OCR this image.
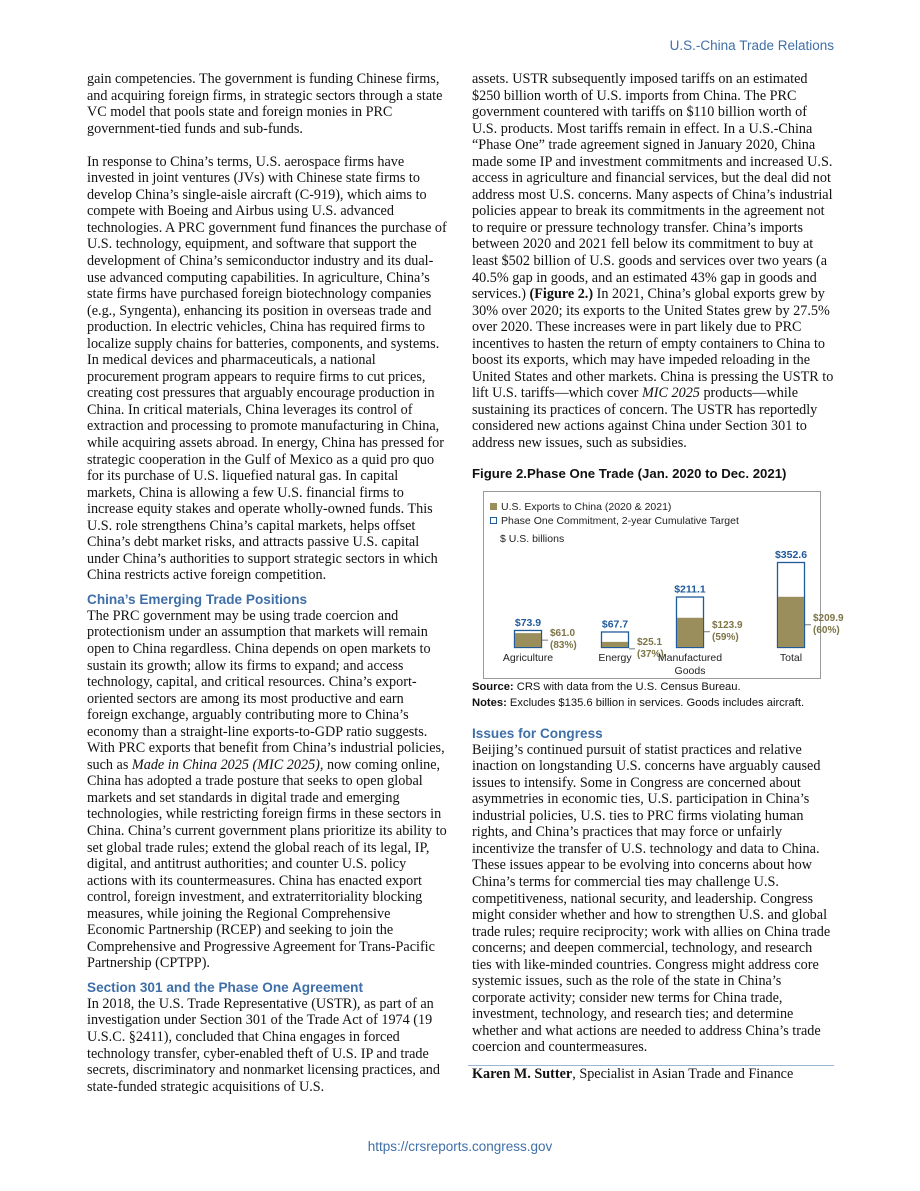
U.S.-China Trade Relations

gain competencies. The government is funding Chinese firms, and acquiring foreign firms, in strategic sectors through a state VC model that pools state and foreign monies in PRC government-tied funds and sub-funds.

In response to China’s terms, U.S. aerospace firms have invested in joint ventures (JVs) with Chinese state firms to develop China’s single-aisle aircraft (C-919), which aims to compete with Boeing and Airbus using U.S. advanced technologies. A PRC government fund finances the purchase of U.S. technology, equipment, and software that support the development of China’s semiconductor industry and its dual-use advanced computing capabilities. In agriculture, China’s state firms have purchased foreign biotechnology companies (e.g., Syngenta), enhancing its position in overseas trade and production. In electric vehicles, China has required firms to localize supply chains for batteries, components, and systems. In medical devices and pharmaceuticals, a national procurement program appears to require firms to cut prices, creating cost pressures that arguably encourage production in China. In critical materials, China leverages its control of extraction and processing to promote manufacturing in China, while acquiring assets abroad. In energy, China has pressed for strategic cooperation in the Gulf of Mexico as a quid pro quo for its purchase of U.S. liquefied natural gas. In capital markets, China is allowing a few U.S. financial firms to increase equity stakes and operate wholly-owned funds. This U.S. role strengthens China’s capital markets, helps offset China’s debt market risks, and attracts passive U.S. capital under China’s authorities to support strategic sectors in which China restricts active foreign competition.

China’s Emerging Trade Positions

The PRC government may be using trade coercion and protectionism under an assumption that markets will remain open to China regardless. China depends on open markets to sustain its growth; allow its firms to expand; and access technology, capital, and critical resources. China’s export-oriented sectors are among its most productive and earn foreign exchange, arguably contributing more to China’s economy than a straight-line exports-to-GDP ratio suggests. With PRC exports that benefit from China’s industrial policies, such as Made in China 2025 (MIC 2025), now coming online, China has adopted a trade posture that seeks to open global markets and set standards in digital trade and emerging technologies, while restricting foreign firms in these sectors in China. China’s current government plans prioritize its ability to set global trade rules; extend the global reach of its legal, IP, digital, and antitrust authorities; and counter U.S. policy actions with its countermeasures. China has enacted export control, foreign investment, and extraterritoriality blocking measures, while joining the Regional Comprehensive Economic Partnership (RCEP) and seeking to join the Comprehensive and Progressive Agreement for Trans-Pacific Partnership (CPTPP).

Section 301 and the Phase One Agreement

In 2018, the U.S. Trade Representative (USTR), as part of an investigation under Section 301 of the Trade Act of 1974 (19 U.S.C. §2411), concluded that China engages in forced technology transfer, cyber-enabled theft of U.S. IP and trade secrets, discriminatory and nonmarket licensing practices, and state-funded strategic acquisitions of U.S.

assets. USTR subsequently imposed tariffs on an estimated $250 billion worth of U.S. imports from China. The PRC government countered with tariffs on $110 billion worth of U.S. products. Most tariffs remain in effect. In a U.S.-China “Phase One” trade agreement signed in January 2020, China made some IP and investment commitments and increased U.S. access in agriculture and financial services, but the deal did not address most U.S. concerns. Many aspects of China’s industrial policies appear to break its commitments in the agreement not to require or pressure technology transfer. China’s imports between 2020 and 2021 fell below its commitment to buy at least $502 billion of U.S. goods and services over two years (a 40.5% gap in goods, and an estimated 43% gap in goods and services.) (Figure 2.) In 2021, China’s global exports grew by 30% over 2020; its exports to the United States grew by 27.5% over 2020. These increases were in part likely due to PRC incentives to hasten the return of empty containers to China to boost its exports, which may have impeded reloading in the United States and other markets. China is pressing the USTR to lift U.S. tariffs—which cover MIC 2025 products—while sustaining its practices of concern. The USTR has reportedly considered new actions against China under Section 301 to address new issues, such as subsidies.

Figure 2.Phase One Trade (Jan. 2020 to Dec. 2021)
U.S. Exports to China (2020 & 2021)
Phase One Commitment, 2-year Cumulative Target
$ U.S. billions
$73.9
$61.0
(83%)
Agriculture
$67.7
$25.1
(37%)
Energy
$211.1
$123.9
(59%)
Manufactured
Goods
$352.6
$209.9
(60%)
Total

Source: CRS with data from the U.S. Census Bureau.

Notes: Excludes $135.6 billion in services. Goods includes aircraft.

Issues for Congress

Beijing’s continued pursuit of statist practices and relative inaction on longstanding U.S. concerns have arguably caused issues to intensify. Some in Congress are concerned about asymmetries in economic ties, U.S. participation in China’s industrial policies, U.S. ties to PRC firms violating human rights, and China’s practices that may force or unfairly incentivize the transfer of U.S. technology and data to China. These issues appear to be evolving into concerns about how China’s terms for commercial ties may challenge U.S. competitiveness, national security, and leadership. Congress might consider whether and how to strengthen U.S. and global trade rules; require reciprocity; work with allies on China trade concerns; and deepen commercial, technology, and research ties with like-minded countries. Congress might address core systemic issues, such as the role of the state in China’s corporate activity; consider new terms for China trade, investment, technology, and research ties; and determine whether and what actions are needed to address China’s trade coercion and countermeasures.

Karen M. Sutter, Specialist in Asian Trade and Finance

https://crsreports.congress.gov
